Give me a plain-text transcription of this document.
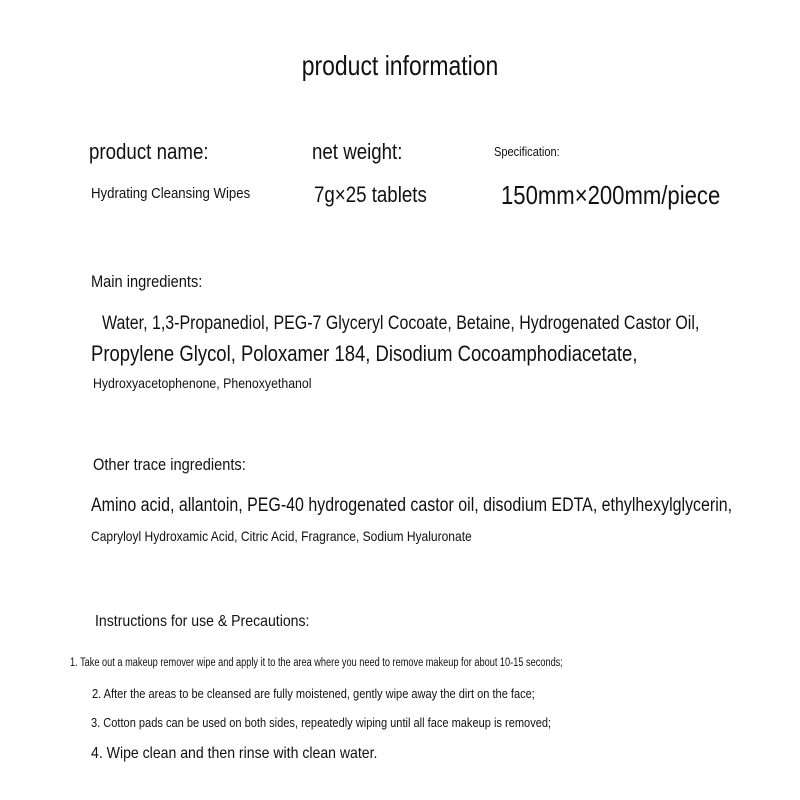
product information
product name:	net weight:	Specification:
Hydrating Cleansing Wipes	7g×25 tablets	150mm×200mm/piece
Main ingredients:
Water, 1,3-Propanediol, PEG-7 Glyceryl Cocoate, Betaine, Hydrogenated Castor Oil,
Propylene Glycol, Poloxamer 184, Disodium Cocoamphodiacetate,
Hydroxyacetophenone, Phenoxyethanol
Other trace ingredients:
Amino acid, allantoin, PEG-40 hydrogenated castor oil, disodium EDTA, ethylhexylglycerin,
Capryloyl Hydroxamic Acid, Citric Acid, Fragrance, Sodium Hyaluronate
Instructions for use & Precautions:
1. Take out a makeup remover wipe and apply it to the area where you need to remove makeup for about 10-15 seconds;
2. After the areas to be cleansed are fully moistened, gently wipe away the dirt on the face;
3. Cotton pads can be used on both sides, repeatedly wiping until all face makeup is removed;
4. Wipe clean and then rinse with clean water.
